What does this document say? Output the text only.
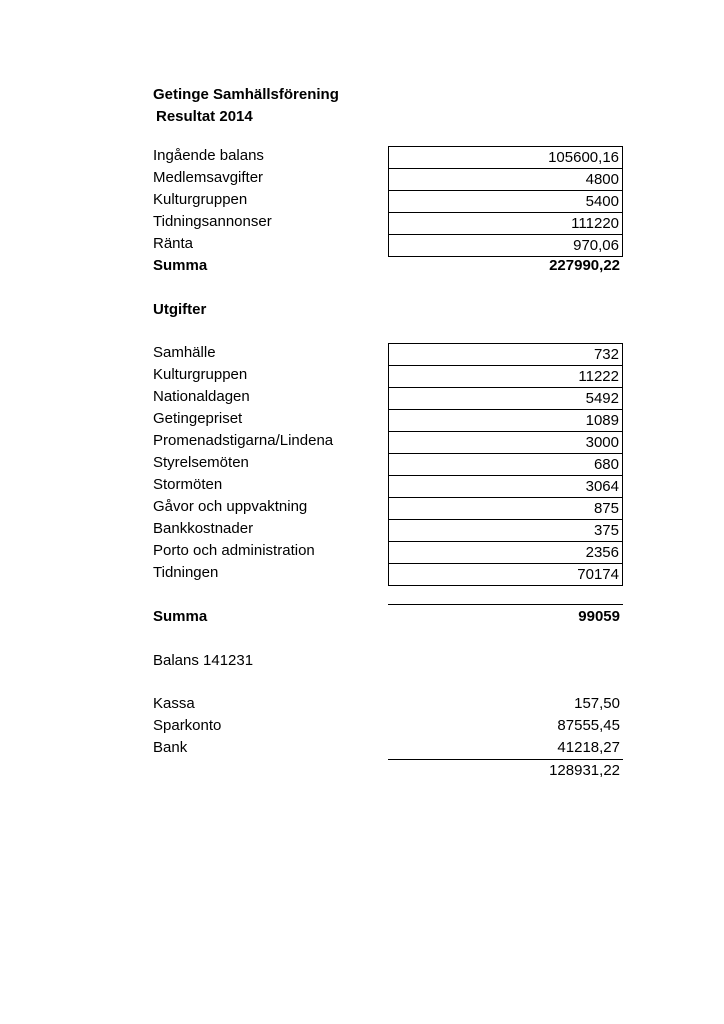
Getinge Samhällsförening
Resultat 2014
Ingående balans
Medlemsavgifter
Kulturgruppen
Tidningsannonser
Ränta
Summa
105600,16
4800
5400
111220
970,06
227990,22
Utgifter
Samhälle
Kulturgruppen
Nationaldagen
Getingepriset
Promenadstigarna/Lindena
Styrelsemöten
Stormöten
Gåvor och uppvaktning
Bankkostnader
Porto och administration
Tidningen
732
11222
5492
1089
3000
680
3064
875
375
2356
70174
Summa	99059
Balans 141231
Kassa
Sparkonto
Bank
157,50
87555,45
41218,27
128931,22
